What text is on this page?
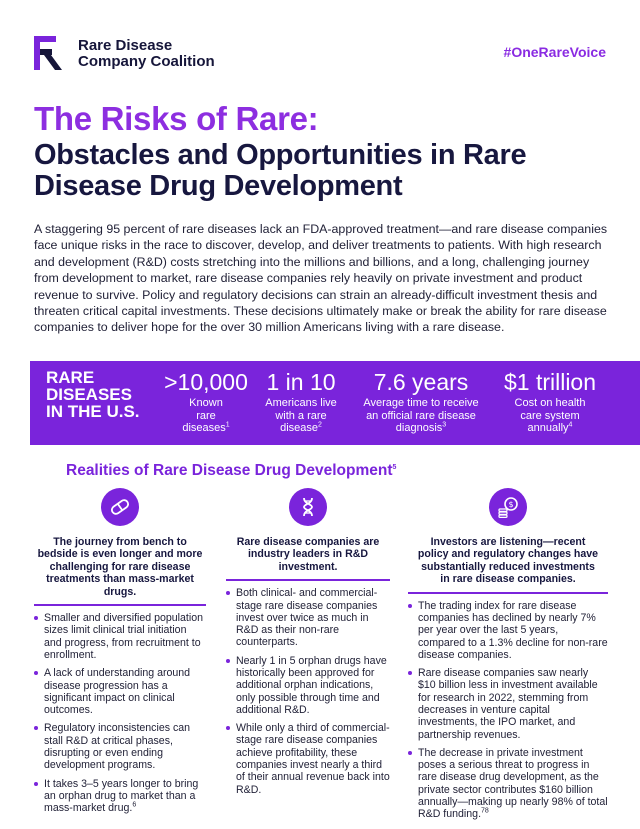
Rare Disease
Company Coalition
#OneRareVoice
The Risks of Rare:
Obstacles and Opportunities in Rare Disease Drug Development

A staggering 95 percent of rare diseases lack an FDA-approved treatment—and rare disease companies face unique risks in the race to discover, develop, and deliver treatments to patients. With high research and development (R&D) costs stretching into the millions and billions, and a long, challenging journey from development to market, rare disease companies rely heavily on private investment and product revenue to survive. Policy and regulatory decisions can strain an already-difficult investment thesis and threaten critical capital investments. These decisions ultimately make or break the ability for rare disease companies to deliver hope for the over 30 million Americans living with a rare disease.

RARE
DISEASES
IN THE U.S.
>10,000
Known rare diseases$^1$
1 in 10
Americans live with a rare disease$^2$
7.6 years
Average time to receive an official rare disease diagnosis$^3$
$1 trillion
Cost on health care system annually$^4$
Realities of Rare Disease Drug Development$^5$

The journey from bench to bedside is even longer and more challenging for rare disease treatments than mass-market drugs.

Smaller and diversified population sizes limit clinical trial initiation and progress, from recruitment to enrollment.
A lack of understanding around disease progression has a significant impact on clinical outcomes.
Regulatory inconsistencies can stall R&D at critical phases, disrupting or even ending development programs.
It takes 3–5 years longer to bring an orphan drug to market than a mass-market drug.$^6$

Rare disease companies are industry leaders in R&D investment.

Both clinical- and commercial-stage rare disease companies invest over twice as much in R&D as their non-rare counterparts.
Nearly 1 in 5 orphan drugs have historically been approved for additional orphan indications, only possible through time and additional R&D.
While only a third of commercial-stage rare disease companies achieve profitability, these companies invest nearly a third of their annual revenue back into R&D.
$

Investors are listening—recent policy and regulatory changes have substantially reduced investments in rare disease companies.

The trading index for rare disease companies has declined by nearly 7% per year over the last 5 years, compared to a 1.3% decline for non-rare disease companies.
Rare disease companies saw nearly $10 billion less in investment available for research in 2022, stemming from decreases in venture capital investments, the IPO market, and partnership revenues.
The decrease in private investment poses a serious threat to progress in rare disease drug development, as the private sector contributes $160 billion annually—making up nearly 98% of total R&D funding.$^{78}$
